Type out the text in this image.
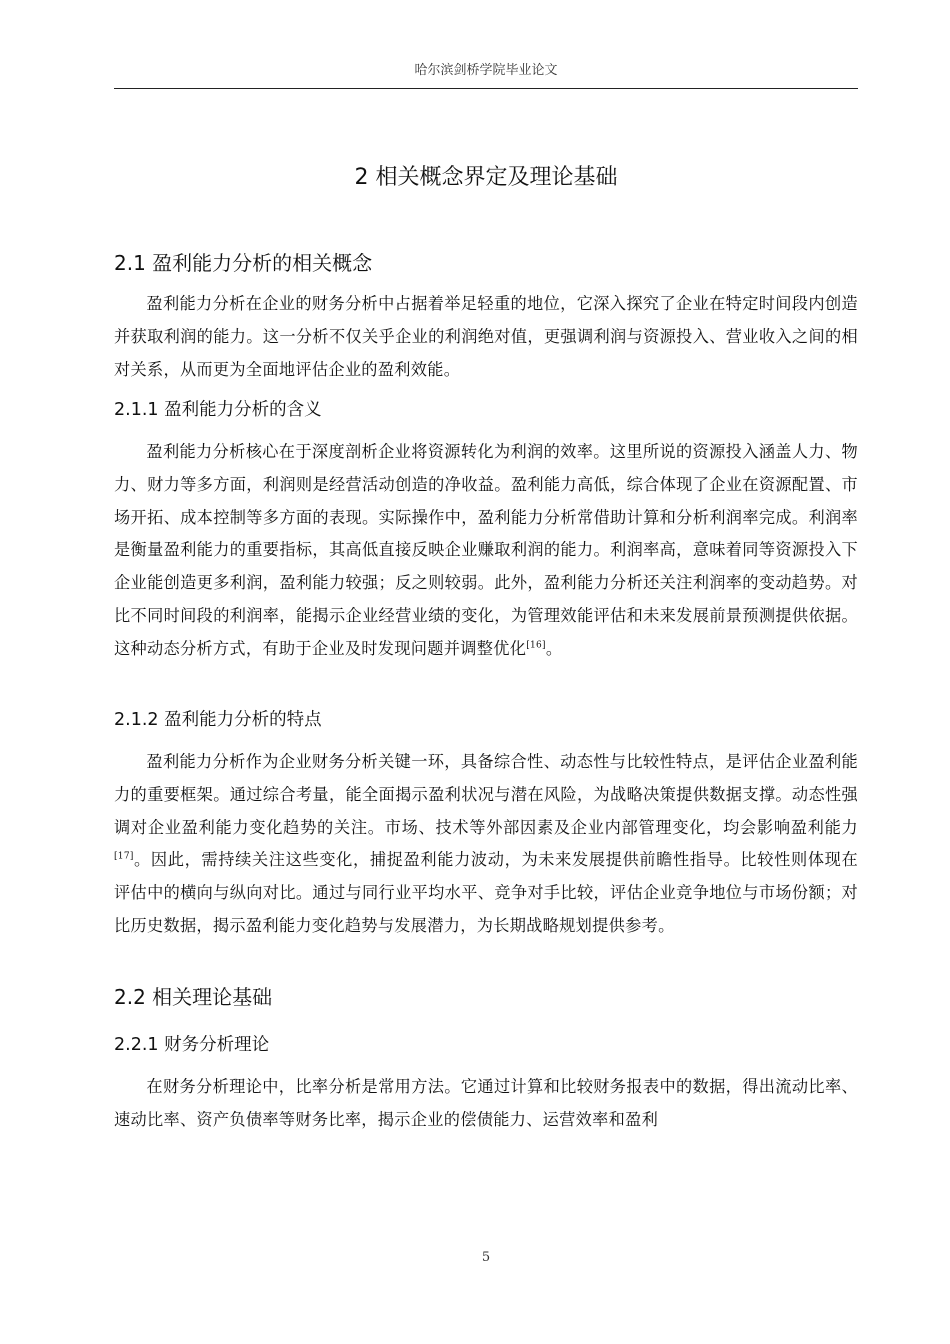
哈尔滨剑桥学院毕业论文
2 相关概念界定及理论基础
2.1 盈利能力分析的相关概念
盈利能力分析在企业的财务分析中占据着举足轻重的地位，它深入探究了企业在特定时间段内创造并获取利润的能力。这一分析不仅关乎企业的利润绝对值，更强调利润与资源投入、营业收入之间的相对关系，从而更为全面地评估企业的盈利效能。
2.1.1 盈利能力分析的含义
盈利能力分析核心在于深度剖析企业将资源转化为利润的效率。这里所说的资源投入涵盖人力、物力、财力等多方面，利润则是经营活动创造的净收益。盈利能力高低，综合体现了企业在资源配置、市场开拓、成本控制等多方面的表现。实际操作中，盈利能力分析常借助计算和分析利润率完成。利润率是衡量盈利能力的重要指标，其高低直接反映企业赚取利润的能力。利润率高，意味着同等资源投入下企业能创造更多利润，盈利能力较强；反之则较弱。此外，盈利能力分析还关注利润率的变动趋势。对比不同时间段的利润率，能揭示企业经营业绩的变化，为管理效能评估和未来发展前景预测提供依据。这种动态分析方式，有助于企业及时发现问题并调整优化[16]。
2.1.2 盈利能力分析的特点
盈利能力分析作为企业财务分析关键一环，具备综合性、动态性与比较性特点，是评估企业盈利能力的重要框架。通过综合考量，能全面揭示盈利状况与潜在风险，为战略决策提供数据支撑。动态性强调对企业盈利能力变化趋势的关注。市场、技术等外部因素及企业内部管理变化，均会影响盈利能力[17]。因此，需持续关注这些变化，捕捉盈利能力波动，为未来发展提供前瞻性指导。比较性则体现在评估中的横向与纵向对比。通过与同行业平均水平、竞争对手比较，评估企业竞争地位与市场份额；对比历史数据，揭示盈利能力变化趋势与发展潜力，为长期战略规划提供参考。
2.2 相关理论基础
2.2.1 财务分析理论
在财务分析理论中，比率分析是常用方法。它通过计算和比较财务报表中的数据，得出流动比率、速动比率、资产负债率等财务比率，揭示企业的偿债能力、运营效率和盈利
5
